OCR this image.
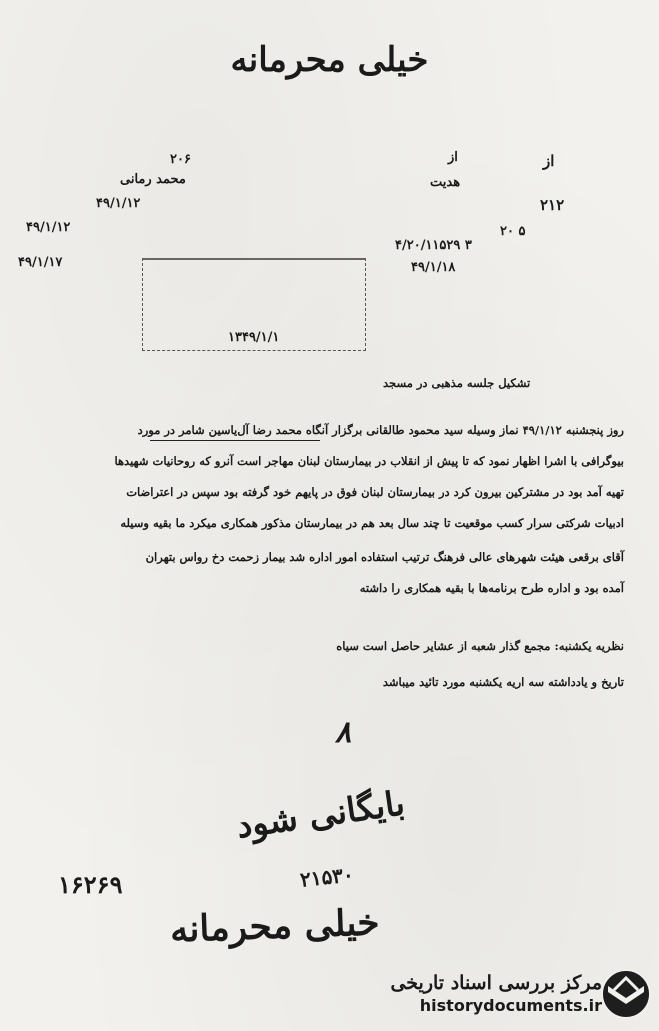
خیلی محرمانه
از	از
هدیت
۲۱۲
۲۰ ۵
۴/۲۰/۱۱۵۲۹ ۳
۴۹/۱/۱۸
۲۰۶
محمد رمانی
۴۹/۱/۱۲
۴۹/۱/۱۲
۴۹/۱/۱۷
۱۳۴۹/۱/۱
تشکیل جلسه مذهبی در مسجد
روز پنجشنبه ۴۹/۱/۱۲ نماز وسیله سید محمود طالقانی برگزار آنگاه محمد رضا آل‌یاسین شامر در مورد
بیوگرافی با اشرا اظهار نمود که تا پیش از انقلاب در بیمارستان لبنان مهاجر است آنرو که روحانیات شهیدها
تهیه آمد بود در مشترکین بیرون کرد در بیمارستان لبنان فوق در پایهم خود گرفته بود سپس در اعتراضات
ادبیات شرکتی سرار کسب موقعیت تا چند سال بعد هم در بیمارستان مذکور همکاری میکرد ما بقیه وسیله
آقای برقعی هیئت شهرهای عالی فرهنگ ترتیب استفاده امور اداره شد بیمار زحمت دخ رواس بتهران
آمده بود و اداره طرح برنامه‌ها با بقیه همکاری را داشته
نظریه یکشنبه: مجمع گذار شعبه از عشایر حاصل است سیاه
تاریخ و یادداشته سه اریه یکشنبه مورد تائید میباشد
۸
بایگانی شود
۲۱۵۳۰
۱۶۲۶۹
خیلی محرمانه
مرکز بررسی اسناد تاریخی
historydocuments.ir
